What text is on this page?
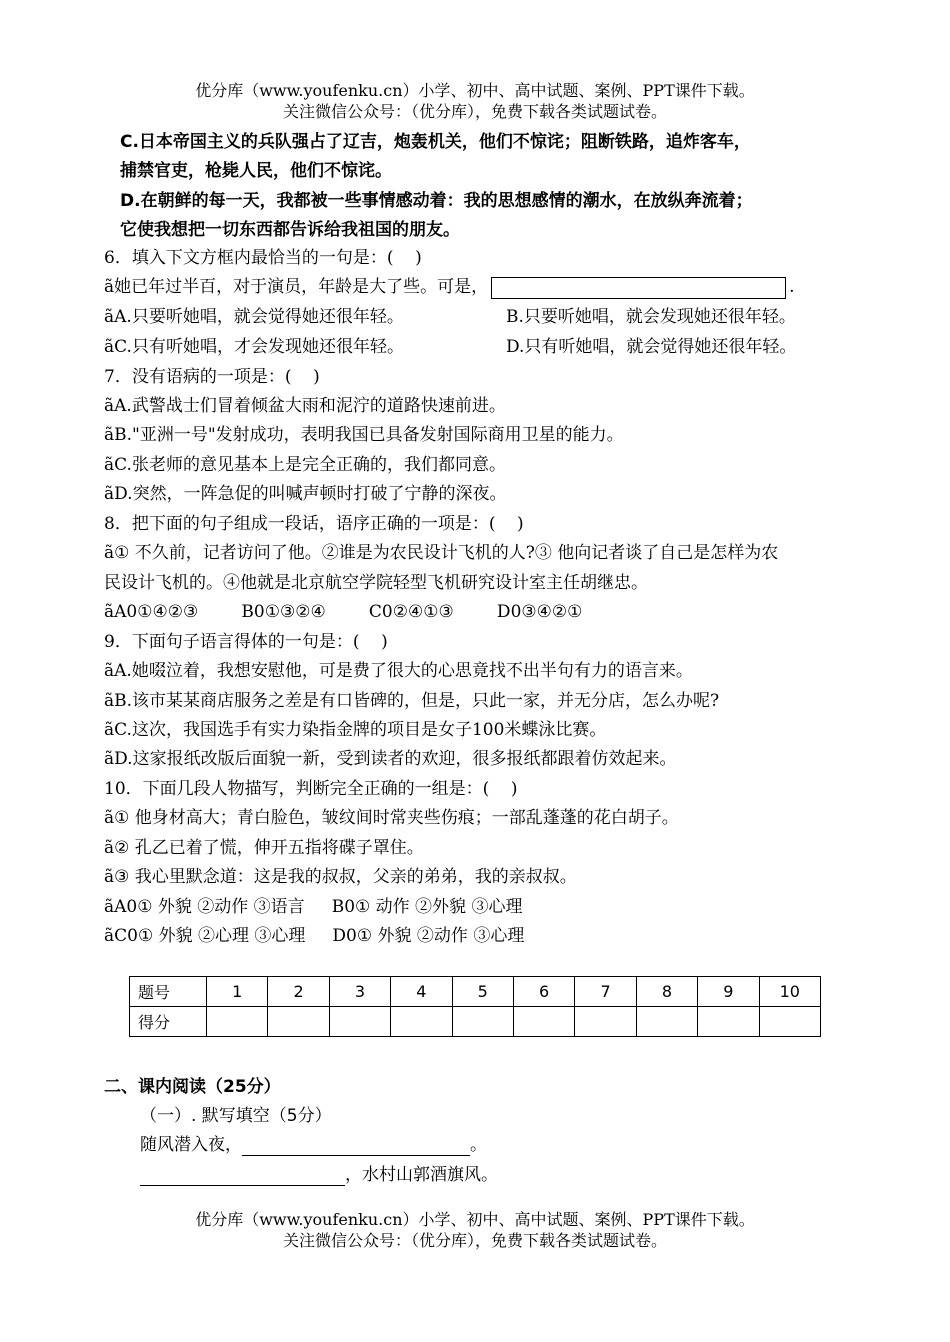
优分库（www.youfenku.cn）小学、初中、高中试题、案例、PPT课件下载。
关注微信公众号：（优分库），免费下载各类试题试卷。
C.日本帝国主义的兵队强占了辽吉，炮轰机关，他们不惊诧；阻断铁路，追炸客车，
捕禁官吏，枪毙人民，他们不惊诧。
D.在朝鲜的每一天，我都被一些事情感动着：我的思想感情的潮水，在放纵奔流着；
它使我想把一切东西都告诉给我祖国的朋友。
6．填入下文方框内最恰当的一句是：(    )
ã她已年过半百，对于演员，年龄是大了些。可是，	.
ãA.只要听她唱，就会觉得她还很年轻。	B.只要听她唱，就会发现她还很年轻。
ãC.只有听她唱，才会发现她还很年轻。	D.只有听她唱，就会觉得她还很年轻。
7．没有语病的一项是：(    )
ãA.武警战士们冒着倾盆大雨和泥泞的道路快速前进。
ãB."亚洲一号"发射成功，表明我国已具备发射国际商用卫星的能力。
ãC.张老师的意见基本上是完全正确的，我们都同意。
ãD.突然，一阵急促的叫喊声顿时打破了宁静的深夜。
8．把下面的句子组成一段话，语序正确的一项是：(    )
ã① 不久前，记者访问了他。②谁是为农民设计飞机的人?③ 他向记者谈了自己是怎样为农
民设计飞机的。④他就是北京航空学院轻型飞机研究设计室主任胡继忠。
ãA0①④②③        B0①③②④        C0②④①③        D0③④②①
9．下面句子语言得体的一句是：(    )
ãA.她啜泣着，我想安慰他，可是费了很大的心思竟找不出半句有力的语言来。
ãB.该市某某商店服务之差是有口皆碑的，但是，只此一家，并无分店，怎么办呢?
ãC.这次，我国选手有实力染指金牌的项目是女子100米蝶泳比赛。
ãD.这家报纸改版后面貌一新，受到读者的欢迎，很多报纸都跟着仿效起来。
10．下面几段人物描写，判断完全正确的一组是：(    )
ã① 他身材高大；青白脸色，皱纹间时常夹些伤痕；一部乱蓬蓬的花白胡子。
ã② 孔乙已着了慌，伸开五指将碟子罩住。
ã③ 我心里默念道：这是我的叔叔，父亲的弟弟，我的亲叔叔。
ãA0① 外貌 ②动作 ③语言     B0① 动作 ②外貌 ③心理
ãC0① 外貌 ②心理 ③心理     D0① 外貌 ②动作 ③心理
题号	1	2	3	4	5	6	7	8	9	10
得分										
二、课内阅读（25分）
（一）. 默写填空（5分）
随风潜入夜，	。
，水村山郭酒旗风。
优分库（www.youfenku.cn）小学、初中、高中试题、案例、PPT课件下载。
关注微信公众号：（优分库），免费下载各类试题试卷。
